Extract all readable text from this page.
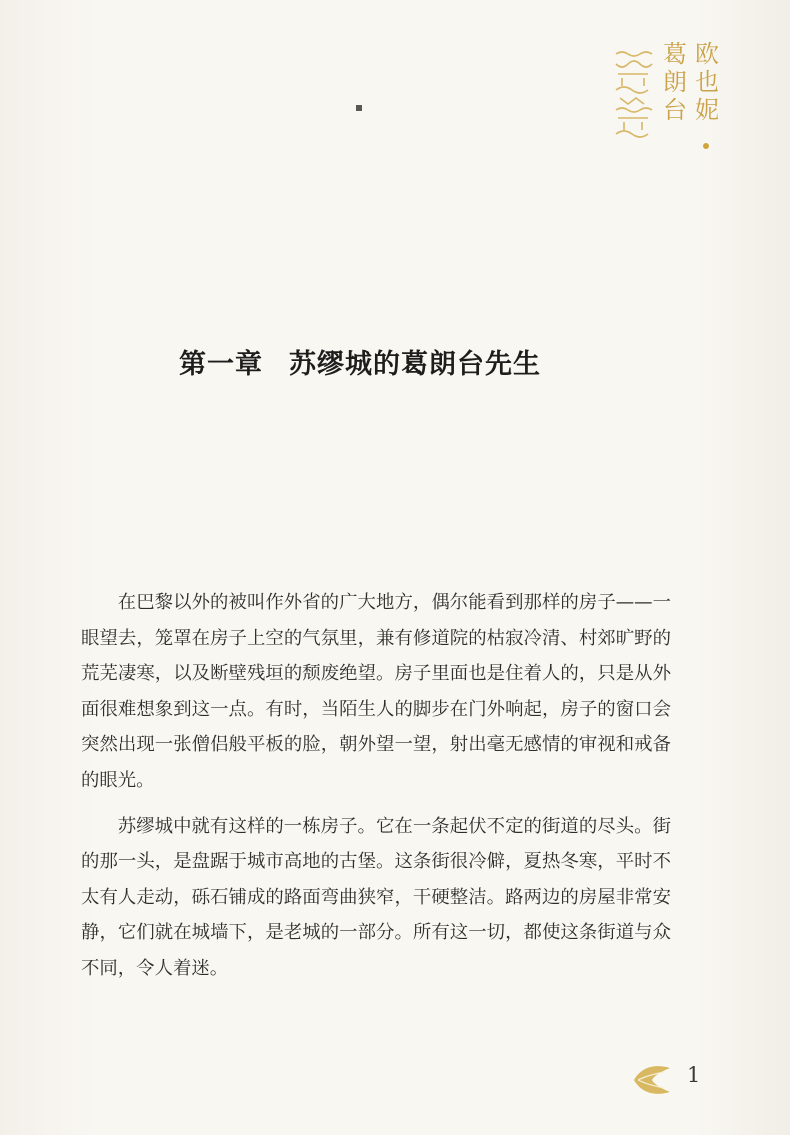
欧
也
妮
葛
朗
台
第一章 苏缪城的葛朗台先生

在巴黎以外的被叫作外省的广大地方，偶尔能看到那样的房子——一眼望去，笼罩在房子上空的气氛里，兼有修道院的枯寂冷清、村郊旷野的荒芜凄寒，以及断壁残垣的颓废绝望。房子里面也是住着人的，只是从外面很难想象到这一点。有时，当陌生人的脚步在门外响起，房子的窗口会突然出现一张僧侣般平板的脸，朝外望一望，射出毫无感情的审视和戒备的眼光。

苏缪城中就有这样的一栋房子。它在一条起伏不定的街道的尽头。街的那一头，是盘踞于城市高地的古堡。这条街很冷僻，夏热冬寒，平时不太有人走动，砾石铺成的路面弯曲狭窄，干硬整洁。路两边的房屋非常安静，它们就在城墙下，是老城的一部分。所有这一切，都使这条街道与众不同，令人着迷。

1
